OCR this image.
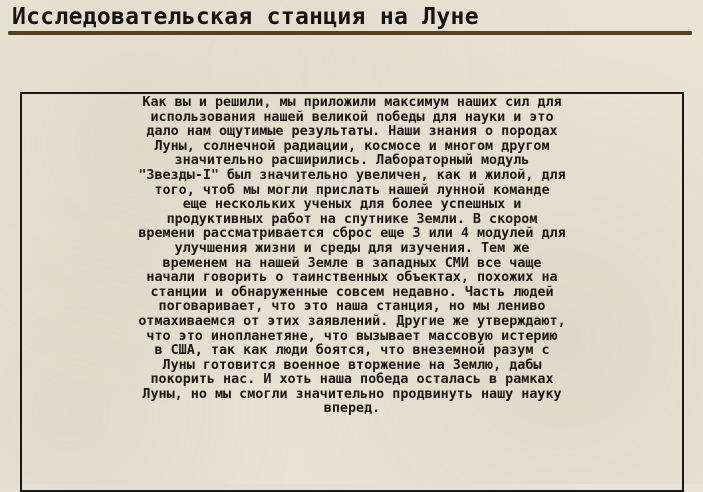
Исследовательская станция на Луне

Как вы и решили, мы приложили максимум наших сил для
использования нашей великой победы для науки и это
дало нам ощутимые результаты. Наши знания о породах
Луны, солнечной радиации, космосе и многом другом
значительно расширились. Лабораторный модуль
"Звезды-I" был значительно увеличен, как и жилой, для
того, чтоб мы могли прислать нашей лунной команде
еще нескольких ученых для более успешных и
продуктивных работ на спутнике Земли. В скором
времени рассматривается сброс еще 3 или 4 модулей для
улучшения жизни и среды для изучения. Тем же
временем на нашей Земле в западных СМИ все чаще
начали говорить о таинственных объектах, похожих на
станции и обнаруженные совсем недавно. Часть людей
поговаривает, что это наша станция, но мы лениво
отмахиваемся от этих заявлений. Другие же утверждают,
что это инопланетяне, что вызывает массовую истерию
в США, так как люди боятся, что внеземной разум с
Луны готовится военное вторжение на Землю, дабы
покорить нас. И хоть наша победа осталась в рамках
Луны, но мы смогли значительно продвинуть нашу науку
вперед.
